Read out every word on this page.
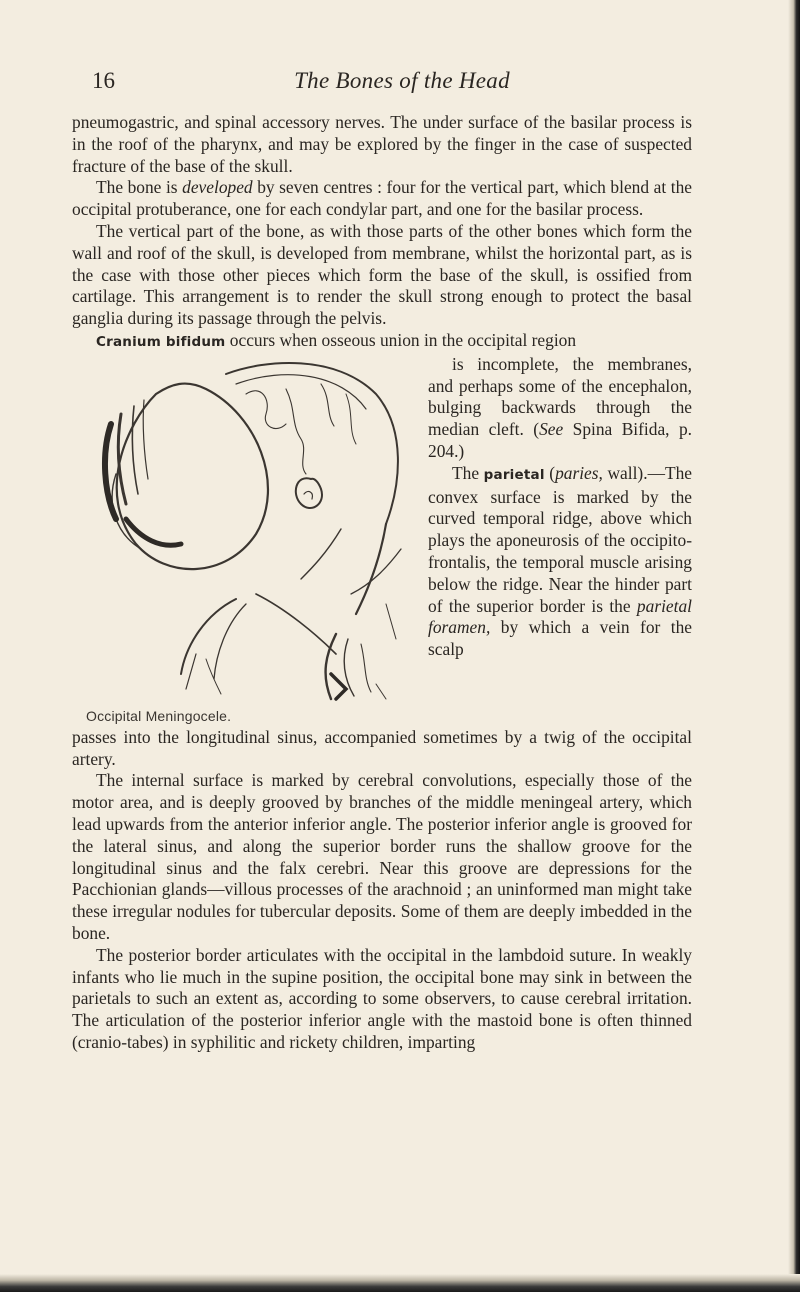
16	The Bones of the Head

pneumogastric, and spinal accessory nerves. The under surface of the basilar process is in the roof of the pharynx, and may be explored by the finger in the case of suspected fracture of the base of the skull.

The bone is developed by seven centres : four for the vertical part, which blend at the occipital protuberance, one for each condylar part, and one for the basilar process.

The vertical part of the bone, as with those parts of the other bones which form the wall and roof of the skull, is developed from membrane, whilst the horizontal part, as is the case with those other pieces which form the base of the skull, is ossified from cartilage. This arrangement is to render the skull strong enough to protect the basal ganglia during its passage through the pelvis.

Cranium bifidum occurs when osseous union in the occipital region

Occipital Meningocele.

is incomplete, the membranes, and perhaps some of the encephalon, bulging backwards through the median cleft. (See Spina Bifida, p. 204.)

The parietal (paries, wall).—The convex surface is marked by the curved temporal ridge, above which plays the aponeurosis of the occipito-frontalis, the temporal muscle arising below the ridge. Near the hinder part of the superior border is the parietal foramen, by which a vein for the scalp

passes into the longitudinal sinus, accompanied sometimes by a twig of the occipital artery.

The internal surface is marked by cerebral convolutions, especially those of the motor area, and is deeply grooved by branches of the middle meningeal artery, which lead upwards from the anterior inferior angle. The posterior inferior angle is grooved for the lateral sinus, and along the superior border runs the shallow groove for the longitudinal sinus and the falx cerebri. Near this groove are depressions for the Pacchionian glands—villous processes of the arachnoid ; an uninformed man might take these irregular nodules for tubercular deposits. Some of them are deeply imbedded in the bone.

The posterior border articulates with the occipital in the lambdoid suture. In weakly infants who lie much in the supine position, the occipital bone may sink in between the parietals to such an extent as, according to some observers, to cause cerebral irritation. The articulation of the posterior inferior angle with the mastoid bone is often thinned (cranio-tabes) in syphilitic and rickety children, imparting
